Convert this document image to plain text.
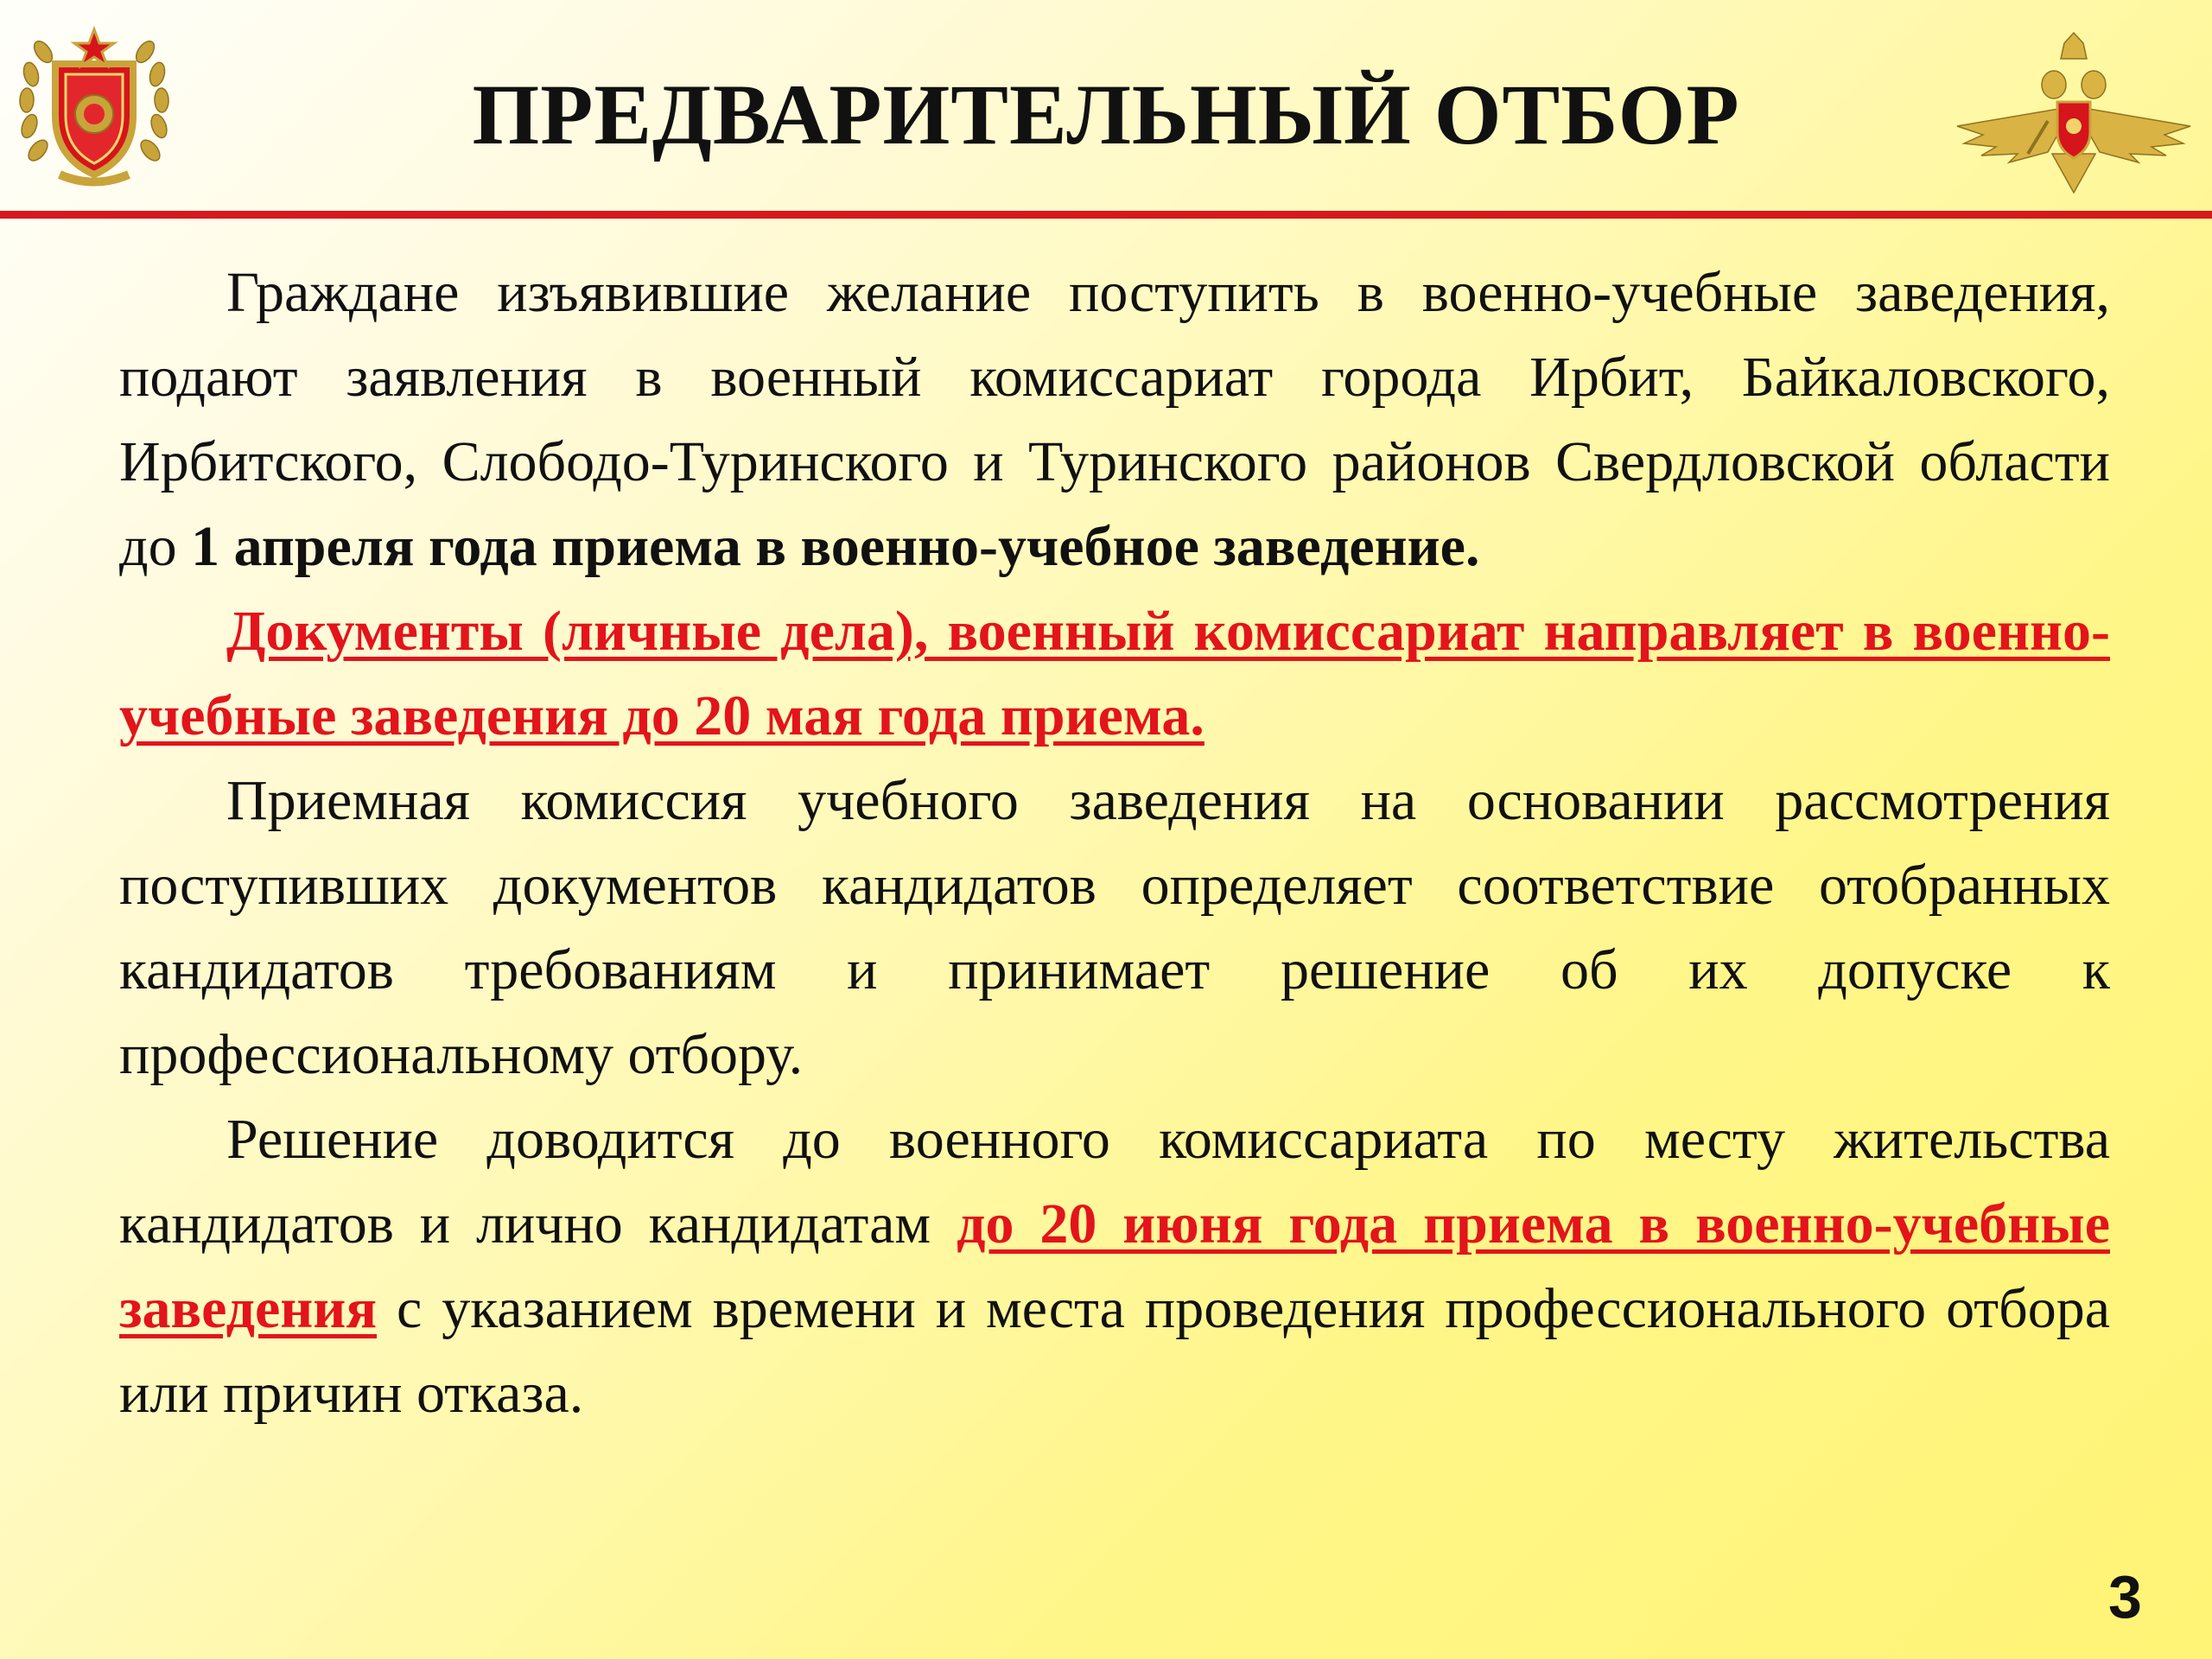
ПРЕДВАРИТЕЛЬНЫЙ ОТБОР

Граждане изъявившие желание поступить в военно-учебные заведения, подают заявления в военный комиссариат города Ирбит, Байкаловского, Ирбитского, Слободо-Туринского и Туринского районов Свердловской области до 1 апреля года приема в военно-учебное заведение.

Документы (личные дела), военный комиссариат направляет в военно-учебные заведения до 20 мая года приема.

Приемная комиссия учебного заведения на основании рассмотрения поступивших документов кандидатов определяет соответствие отобранных кандидатов требованиям и принимает решение об их допуске к профессиональному отбору.

Решение доводится до военного комиссариата по месту жительства кандидатов и лично кандидатам до 20 июня года приема в военно-учебные заведения с указанием времени и места проведения профессионального отбора или причин отказа.

3
